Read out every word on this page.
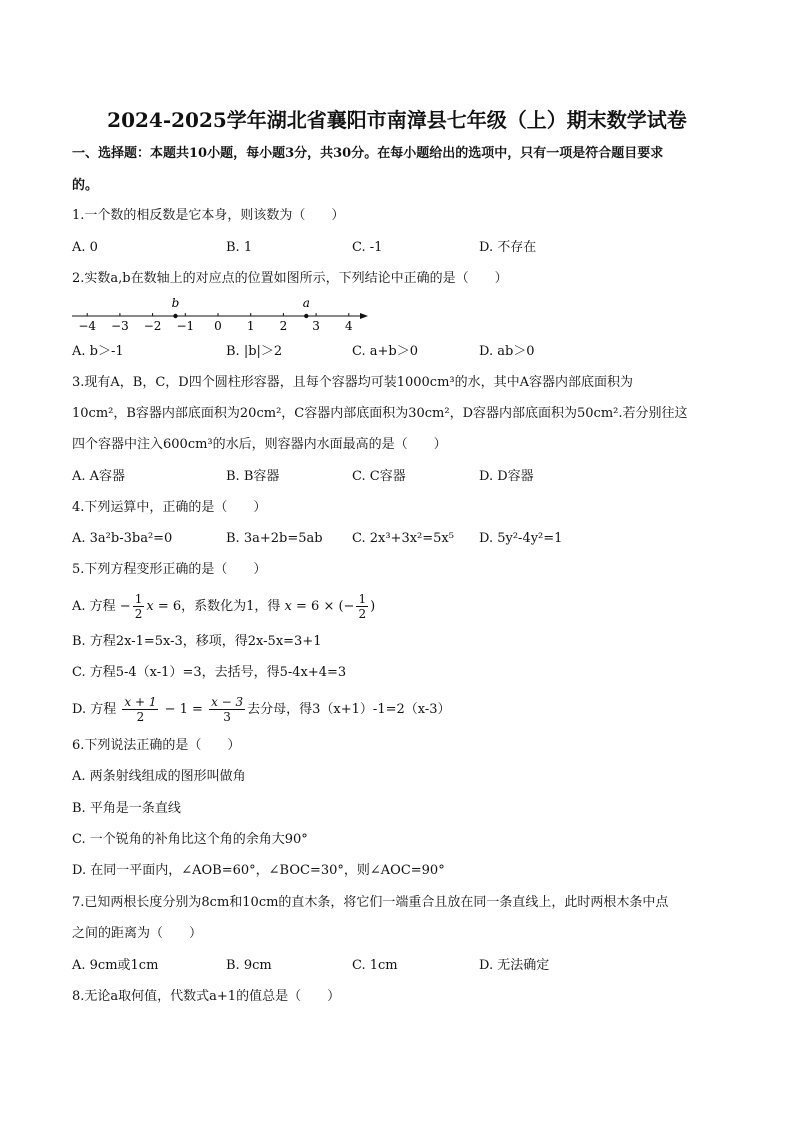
2024-2025学年湖北省襄阳市南漳县七年级（上）期末数学试卷
一、选择题：本题共10小题，每小题3分，共30分。在每小题给出的选项中，只有一项是符合题目要求
的。
1.一个数的相反数是它本身，则该数为（　　）
A. 0	B. 1	C. -1	D. 不存在
2.实数a,b在数轴上的对应点的位置如图所示，下列结论中正确的是（　　）
−4 −3 −2 −1 0 1 2 3 4
b	a
A. b＞-1	B. |b|＞2	C. a+b＞0	D. ab＞0
3.现有A，B，C，D四个圆柱形容器，且每个容器均可装1000cm³的水，其中A容器内部底面积为
10cm²，B容器内部底面积为20cm²，C容器内部底面积为30cm²，D容器内部底面积为50cm².若分别往这
四个容器中注入600cm³的水后，则容器内水面最高的是（　　）
A. A容器	B. B容器	C. C容器	D. D容器
4.下列运算中，正确的是（　　）
A. 3a²b-3ba²=0	B. 3a+2b=5ab C. 2x³+3x²=5x⁵ D. 5y²-4y²=1
5.下列方程变形正确的是（　　）
A. 方程 − $\frac{1}{2}$ x = 6，系数化为1，得 x = 6 × (− $\frac{1}{2}$ )
B. 方程2x-1=5x-3，移项，得2x-5x=3+1
C. 方程5-4（x-1）=3，去括号，得5-4x+4=3
D. 方程 $\frac{x + 1}{2} - 1 = \frac{x - 3}{3}$ 去分母，得3（x+1）-1=2（x-3）
6.下列说法正确的是（　　）
A. 两条射线组成的图形叫做角
B. 平角是一条直线
C. 一个锐角的补角比这个角的余角大90°
D. 在同一平面内，∠AOB=60°，∠BOC=30°，则∠AOC=90°
7.已知两根长度分别为8cm和10cm的直木条，将它们一端重合且放在同一条直线上，此时两根木条中点
之间的距离为（　　）
A. 9cm或1cm	B. 9cm	C. 1cm	D. 无法确定
8.无论a取何值，代数式a+1的值总是（　　）
